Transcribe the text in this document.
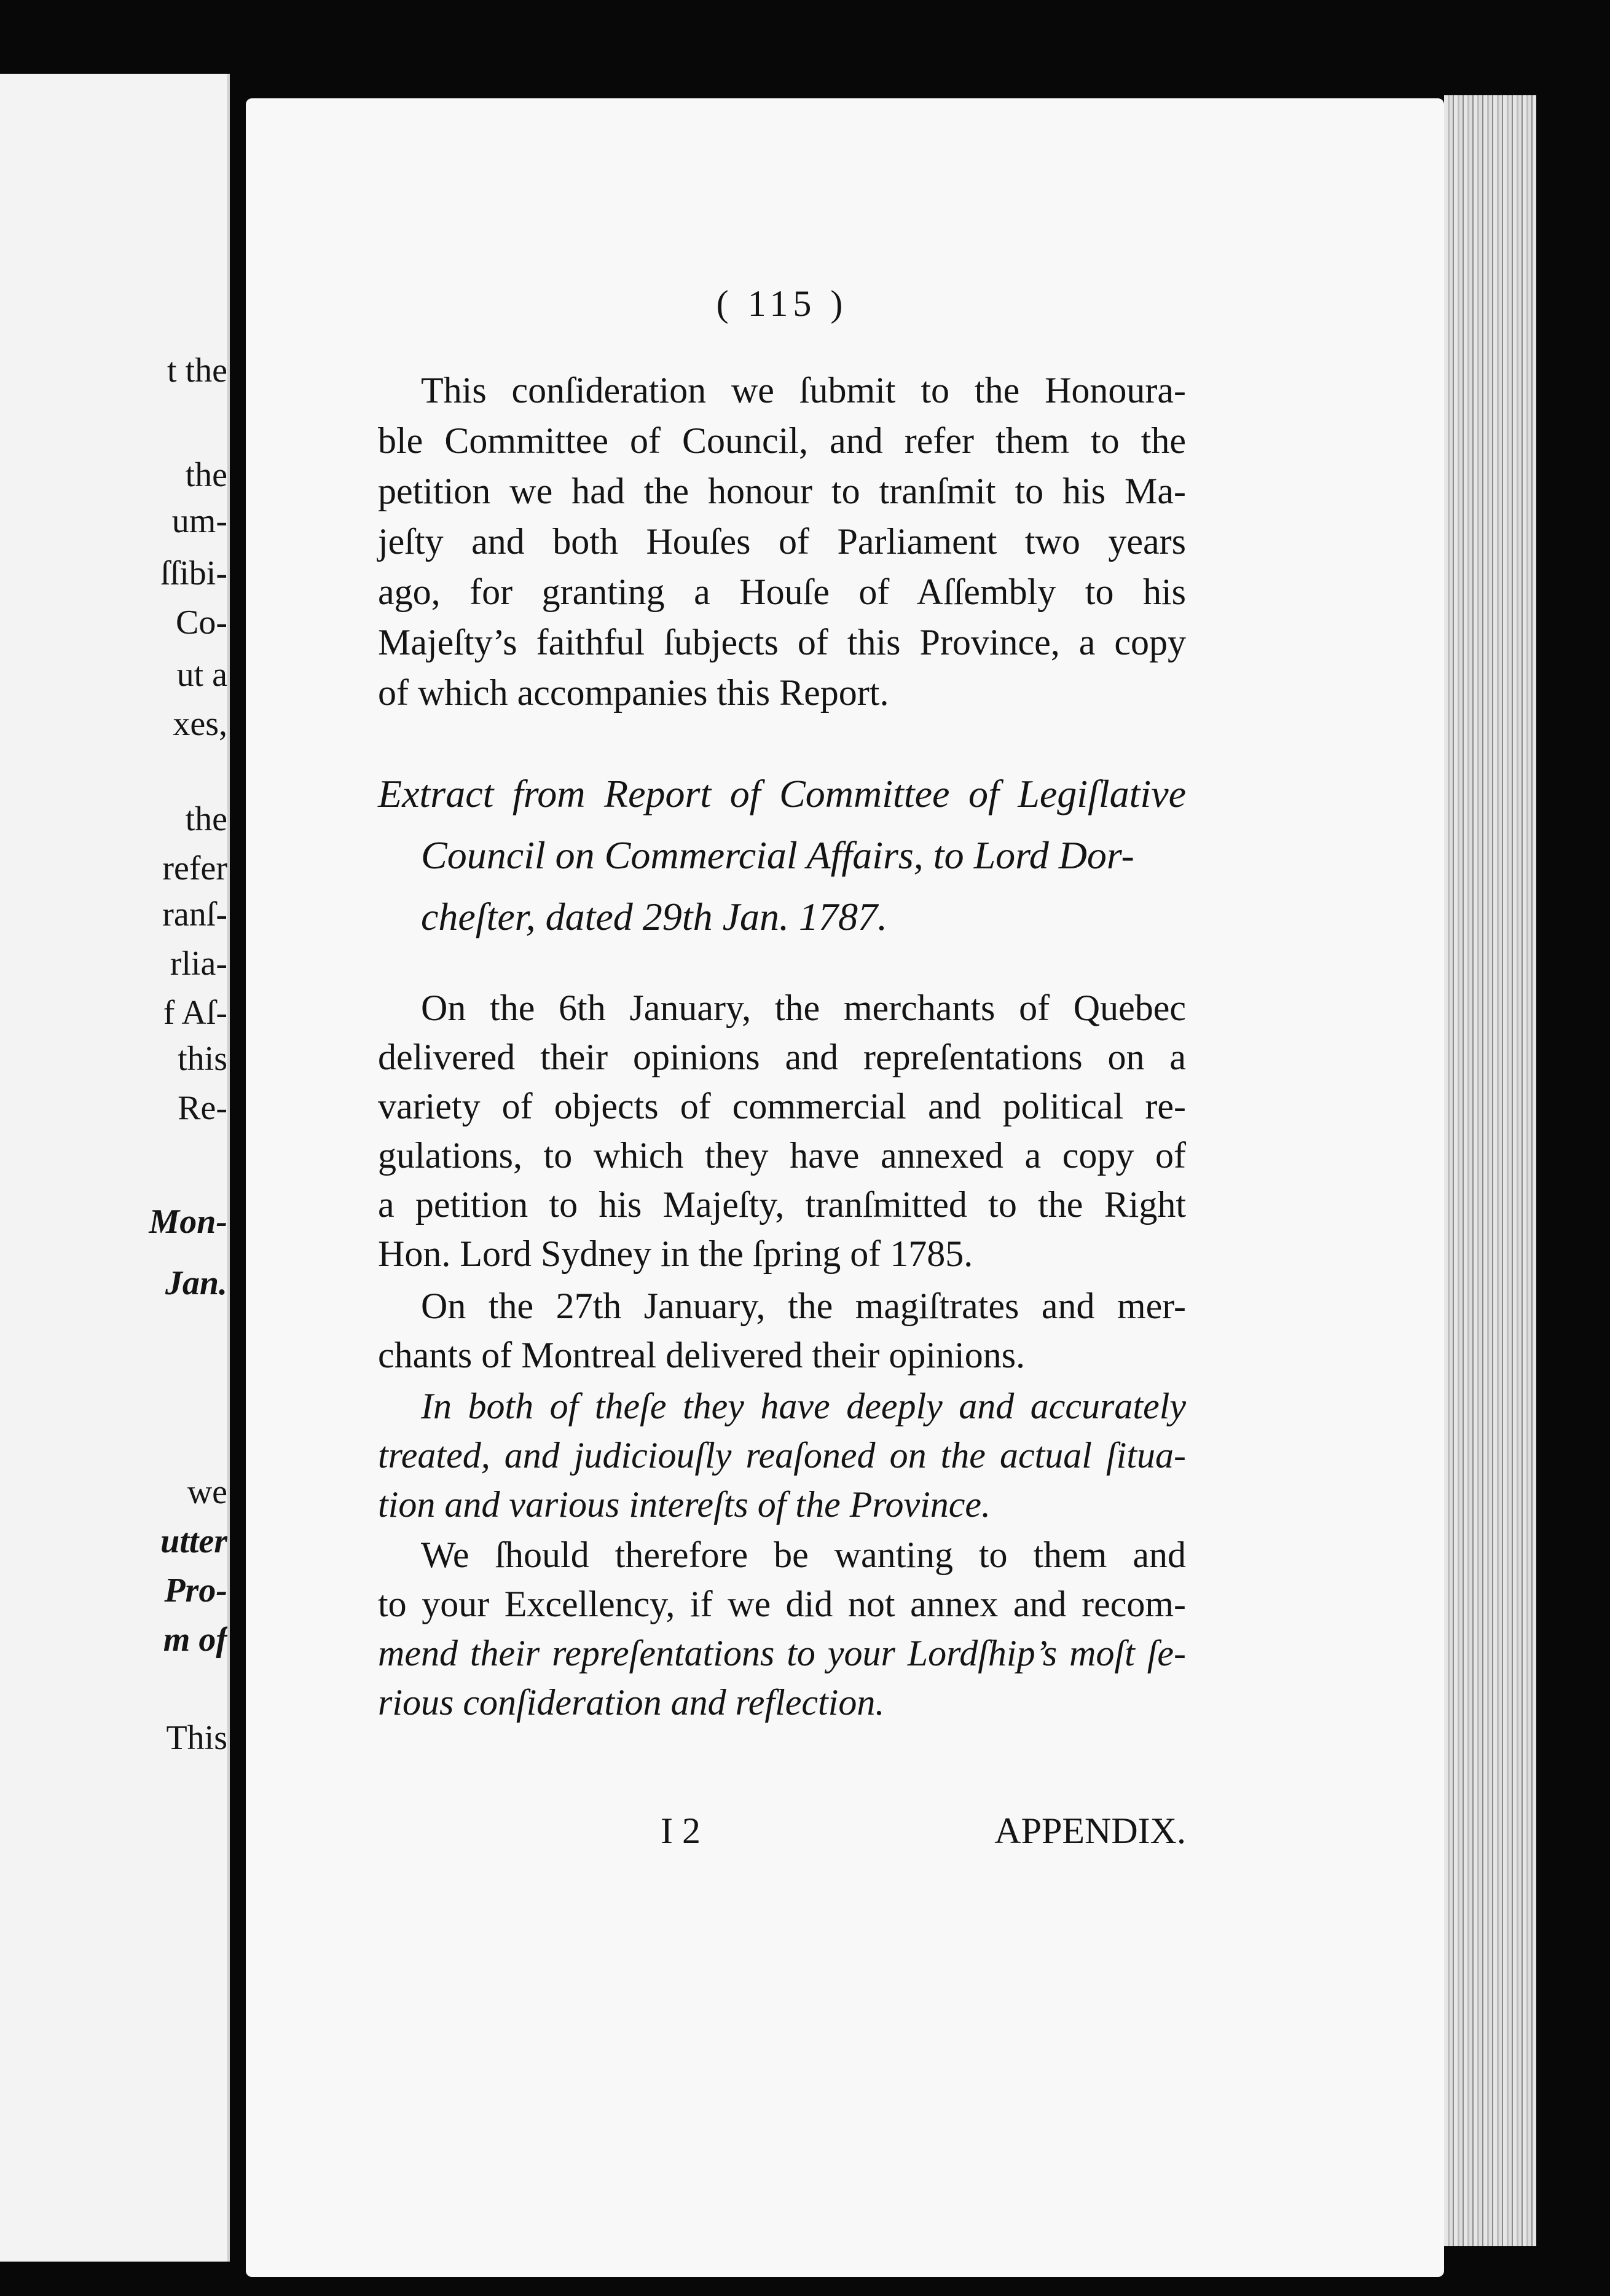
t the
the
um-
ſſibi-
Co-
ut a
xes,
the
refer
ranſ-
rlia-
f Aſ-
this
Re-
Mon-
Jan.
we
utter
Pro-
m of
This
( 115 )
This conſideration we ſubmit to the Honoura-
ble Committee of Council, and refer them to the
petition we had the honour to tranſmit to his Ma-
jeſty and both Houſes of Parliament two years
ago, for granting a Houſe of Aſſembly to his
Majeſty’s faithful ſubjects of this Province, a copy
of which accompanies this Report.
Extract from Report of Committee of Legiſlative
Council on Commercial Affairs, to Lord Dor-
cheſter, dated 29th Jan. 1787.
On the 6th January, the merchants of Quebec
delivered their opinions and repreſentations on a
variety of objects of commercial and political re-
gulations, to which they have annexed a copy of
a petition to his Majeſty, tranſmitted to the Right
Hon. Lord Sydney in the ſpring of 1785.
On the 27th January, the magiſtrates and mer-
chants of Montreal delivered their opinions.
In both of theſe they have deeply and accurately
treated, and judiciouſly reaſoned on the actual ſitua-
tion and various intereſts of the Province.
We ſhould therefore be wanting to them and
to your Excellency, if we did not annex and recom-
mend their repreſentations to your Lordſhip’s moſt ſe-
rious conſideration and reflection.
I 2	APPENDIX.
